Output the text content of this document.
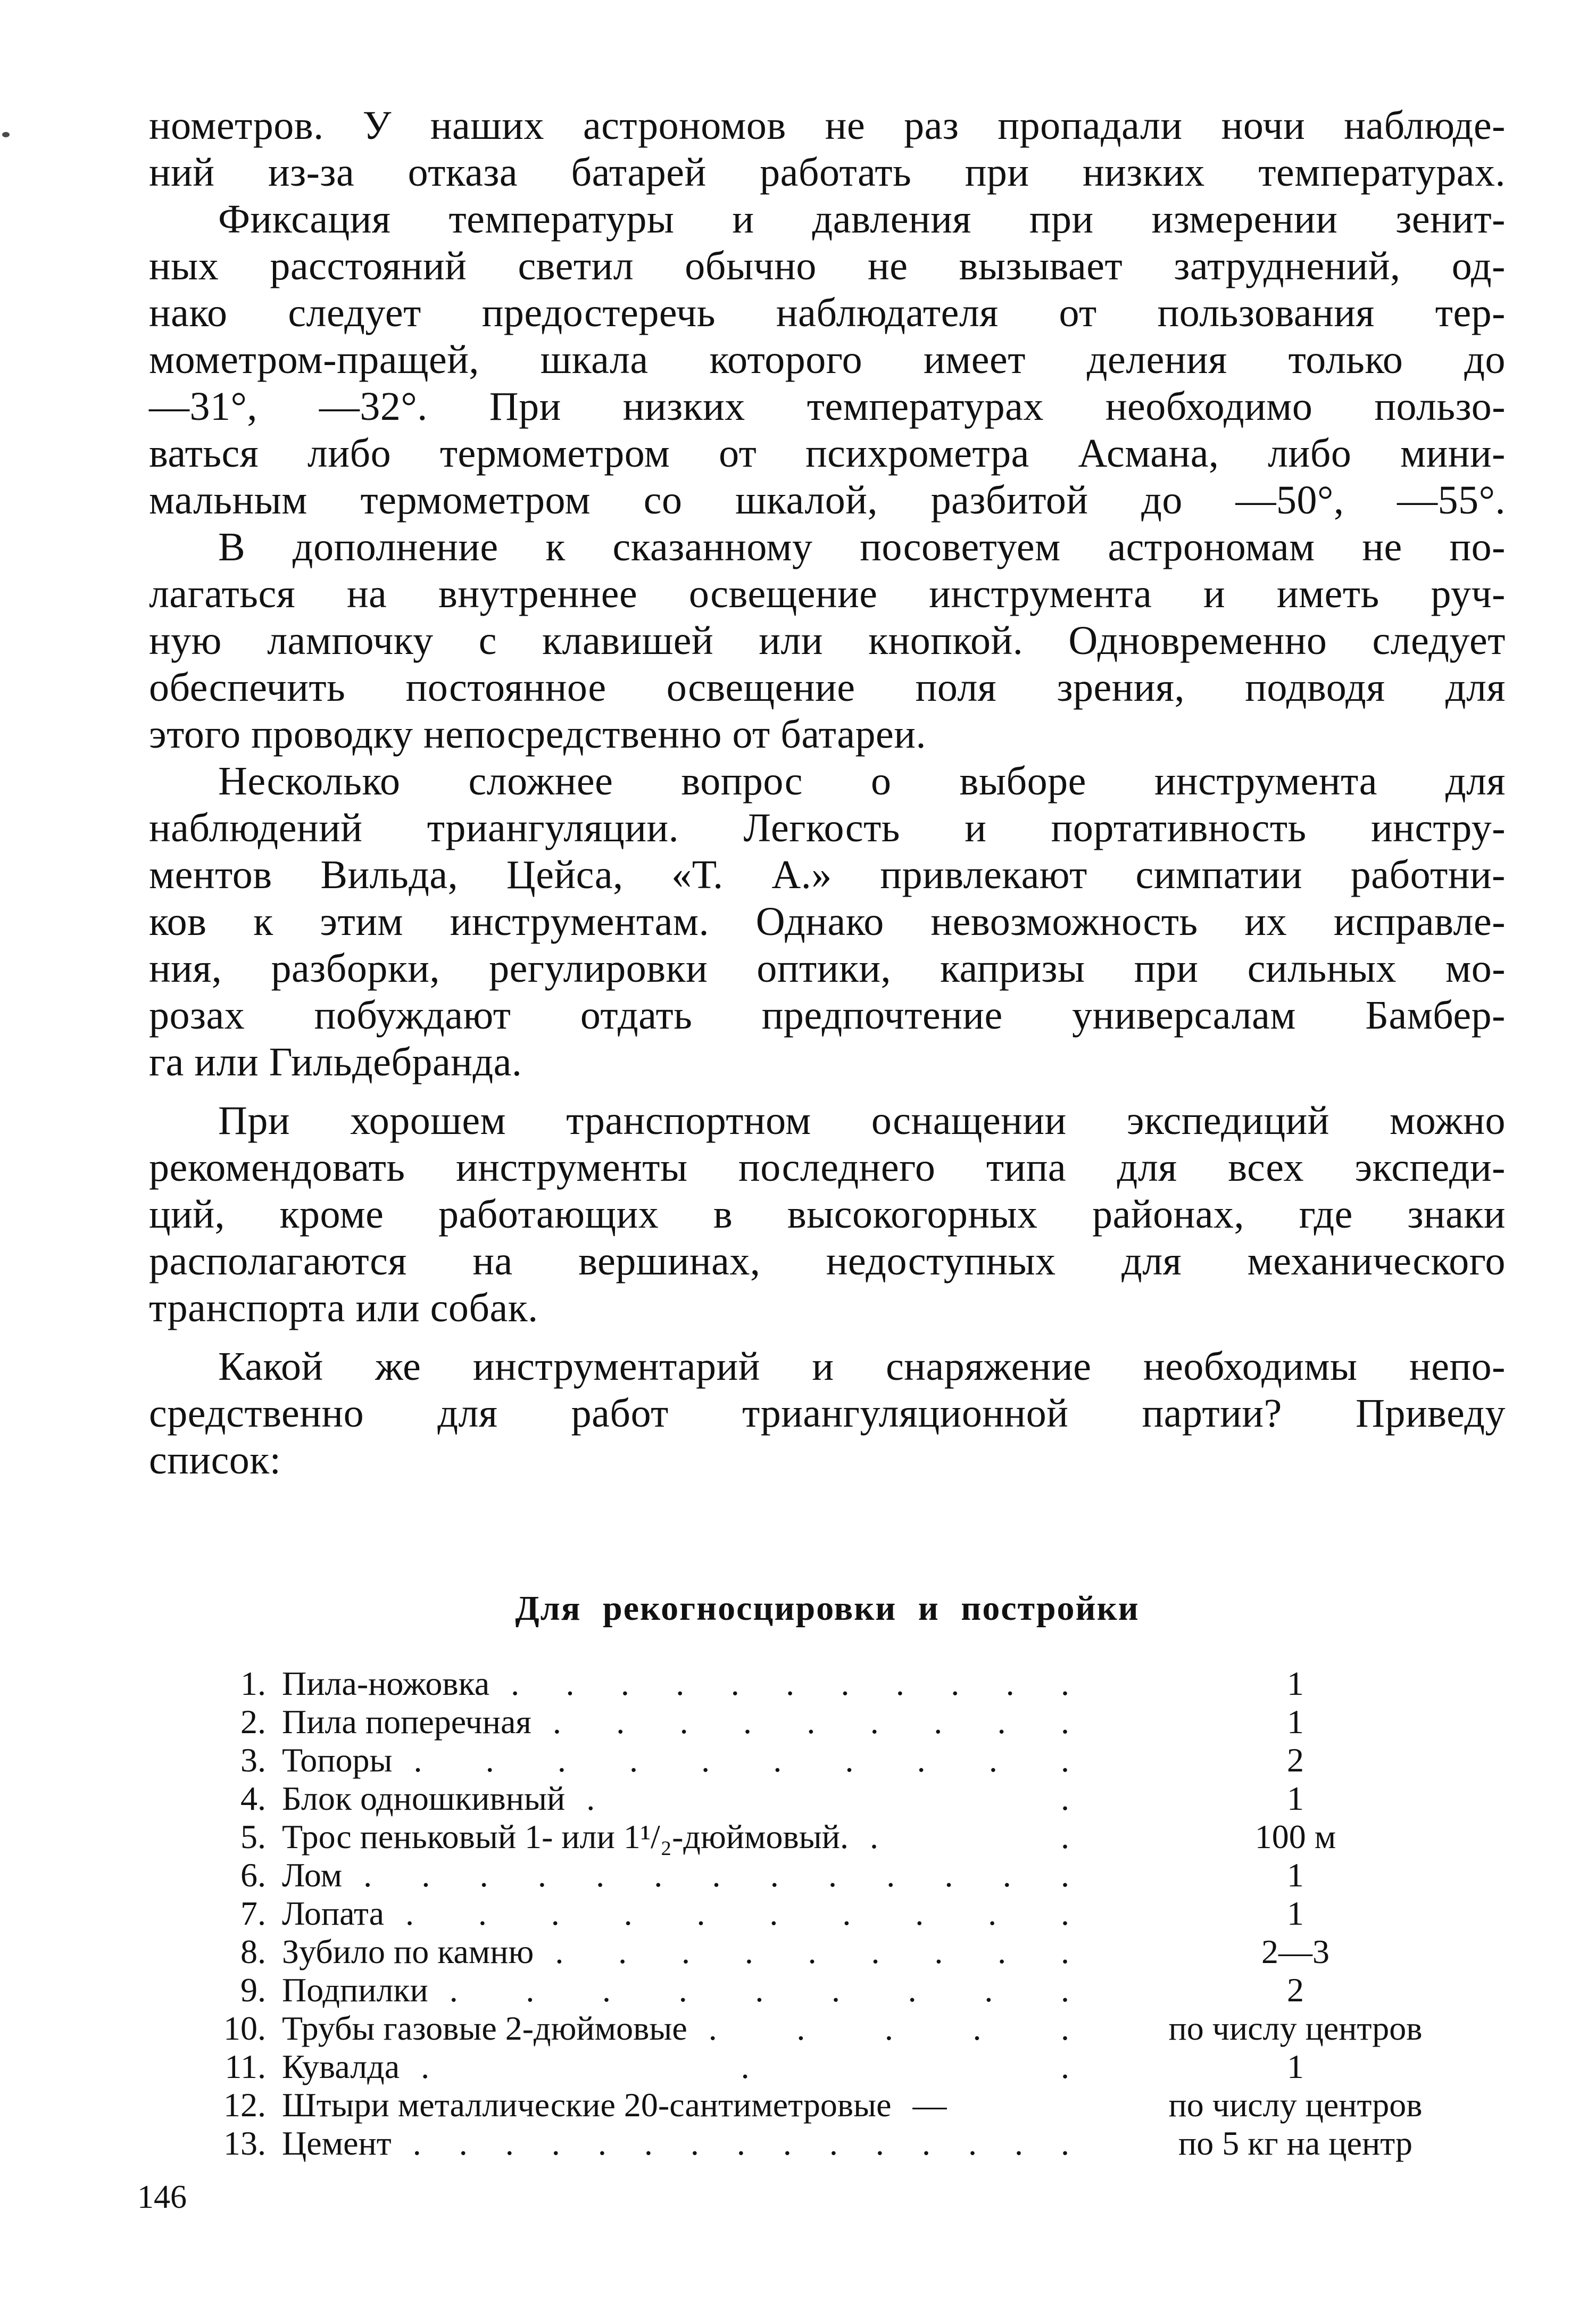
нометров. У наших астрономов не раз пропадали ночи наблюде-
ний из-за отказа батарей работать при низких температурах.
Фиксация температуры и давления при измерении зенит-
ных расстояний светил обычно не вызывает затруднений, од-
нако следует предостеречь наблюдателя от пользования тер-
мометром-пращей, шкала которого имеет деления только до
—31°, —32°. При низких температурах необходимо пользо-
ваться либо термометром от психрометра Асмана, либо мини-
мальным термометром со шкалой, разбитой до —50°, —55°.
В дополнение к сказанному посоветуем астрономам не по-
лагаться на внутреннее освещение инструмента и иметь руч-
ную лампочку с клавишей или кнопкой. Одновременно следует
обеспечить постоянное освещение поля зрения, подводя для
этого проводку непосредственно от батареи.
Несколько сложнее вопрос о выборе инструмента для
наблюдений триангуляции. Легкость и портативность инстру-
ментов Вильда, Цейса, «Т. А.» привлекают симпатии работни-
ков к этим инструментам. Однако невозможность их исправле-
ния, разборки, регулировки оптики, капризы при сильных мо-
розах побуждают отдать предпочтение универсалам Бамбер-
га или Гильдебранда.
При хорошем транспортном оснащении экспедиций можно
рекомендовать инструменты последнего типа для всех экспеди-
ций, кроме работающих в высокогорных районах, где знаки
располагаются на вершинах, недоступных для механического
транспорта или собак.
Какой же инструментарий и снаряжение необходимы непо-
средственно для работ триангуляционной партии? Приведу
список:
Для рекогносцировки и постройки
1. Пила-ножовка . . . . . . . . . . .	1
2. Пила поперечная . . . . . . . . .	1
3. Топоры . . . . . . . . . .	2
4. Блок одношкивный . .	1
5. Трос пеньковый 1- или 1¹/₂-дюймовый. . .	100 м
6. Лом . . . . . . . . . . . . .	1
7. Лопата . . . . . . . . . .	1
8. Зубило по камню . . . . . . . . .	2—3
9. Подпилки . . . . . . . . .	2
10. Трубы газовые 2-дюймовые . . . . .	по числу центров
11. Кувалда . . .	1
12. Штыри металлические 20-сантиметровые —	по числу центров
13. Цемент . . . . . . . . . . . . . . .	по 5 кг на центр
146
